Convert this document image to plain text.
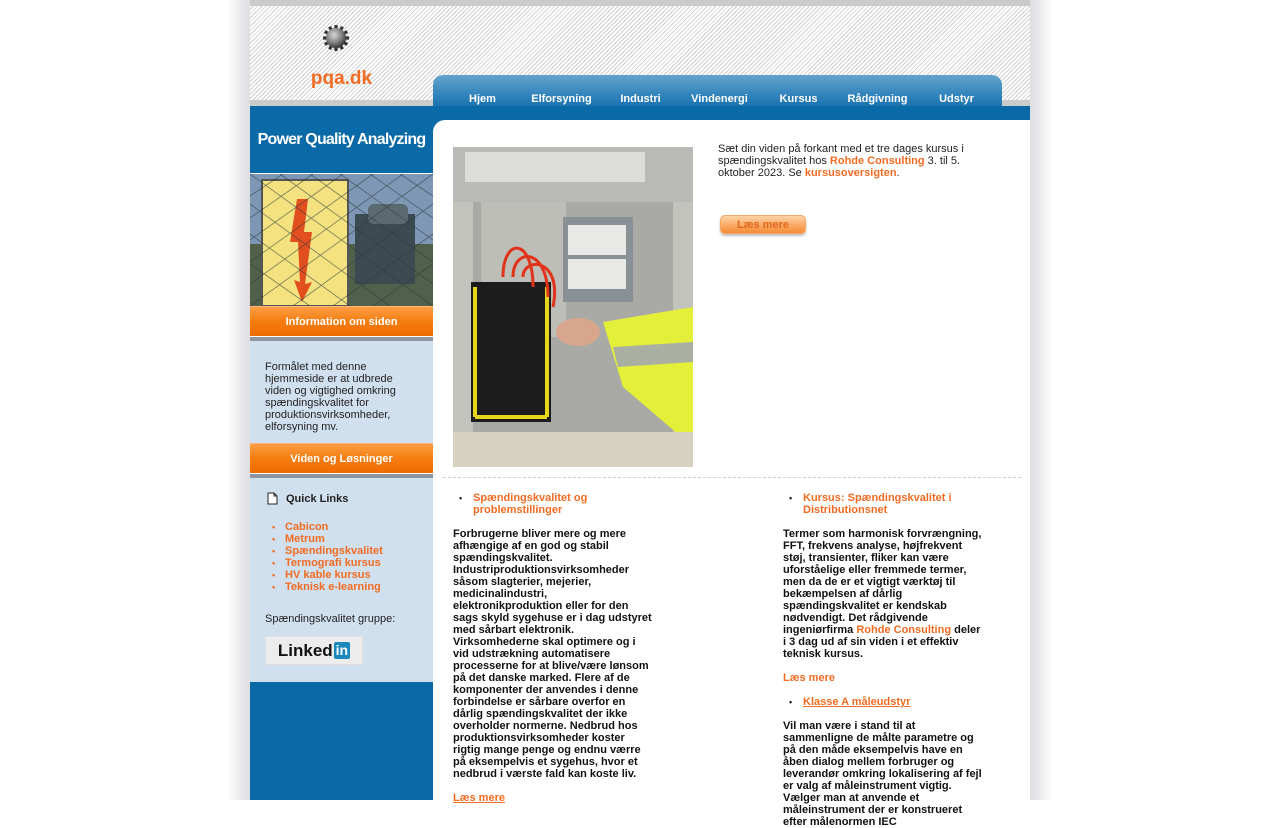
pqa.dk
Hjem	Elforsyning	Industri	Vindenergi	Kursus	Rådgivning	Udstyr
Power Quality Analyzing
Information om siden
Formålet med denne hjemmeside er at udbrede viden og vigtighed omkring spændingskvalitet for produktionsvirksomheder, elforsyning mv.
Viden og Løsninger
Quick Links
• Cabicon
• Metrum
• Spændingskvalitet
• Termografi kursus
• HV kable kursus
• Teknisk e-learning
Spændingskvalitet gruppe:
Linked in
Sæt din viden på forkant med et tre dages kursus i spændingskvalitet hos Rohde Consulting 3. til 5. oktober 2023. Se kursusoversigten.
Læs mere
• Spændingskvalitet og problemstillinger
Forbrugerne bliver mere og mere afhængige af en god og stabil spændingskvalitet. Industriproduktionsvirksomheder såsom slagterier, mejerier, medicinalindustri, elektronikproduktion eller for den sags skyld sygehuse er i dag udstyret med sårbart elektronik. Virksomhederne skal optimere og i vid udstrækning automatisere processerne for at blive/være lønsom på det danske marked. Flere af de komponenter der anvendes i denne forbindelse er sårbare overfor en dårlig spændingskvalitet der ikke overholder normerne. Nedbrud hos produktionsvirksomheder koster rigtig mange penge og endnu værre på eksempelvis et sygehus, hvor et nedbrud i værste fald kan koste liv.
Læs mere
• Kursus: Spændingskvalitet i Distributionsnet
Termer som harmonisk forvrængning, FFT, frekvens analyse, højfrekvent støj, transienter, fliker kan være uforståelige eller fremmede termer, men da de er et vigtigt værktøj til bekæmpelsen af dårlig spændingskvalitet er kendskab nødvendigt. Det rådgivende ingeniørfirma Rohde Consulting deler i 3 dag ud af sin viden i et effektiv teknisk kursus.
Læs mere
• Klasse A måleudstyr
Vil man være i stand til at sammenligne de målte parametre og på den måde eksempelvis have en åben dialog mellem forbruger og leverandør omkring lokalisering af fejl er valg af måleinstrument vigtig. Vælger man at anvende et måleinstrument der er konstrueret efter målenormen IEC
